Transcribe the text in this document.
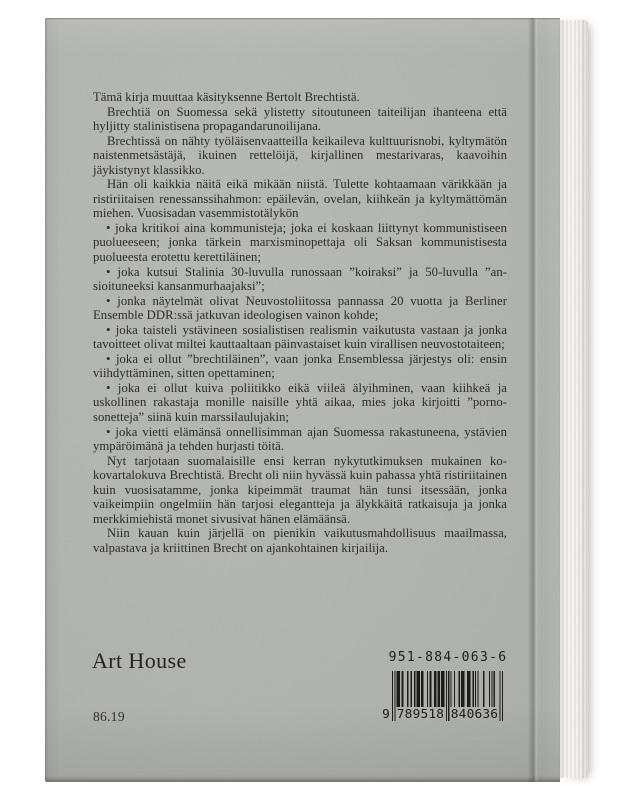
Tämä kirja muuttaa käsityksenne Bertolt Brechtistä.

Brechtiä on Suomessa sekä ylistetty sitoutuneen taiteilijan ihanteena että hyljitty stalinistisena propagandarunoilijana.

Brechtissä on nähty työläisenvaatteilla keikaileva kulttuurisnobi, kyltymätön naistenmetsästäjä, ikuinen rettelöijä, kirjallinen mestarivaras, kaavoihin jäykistynyt klassikko.

Hän oli kaikkia näitä eikä mikään niistä. Tulette kohtaamaan värikkään ja ristiriitaisen renessanssihahmon: epäilevän, ovelan, kiihkeän ja kyltymättömän miehen. Vuosisadan vasemmistotälykön

• joka kritikoi aina kommunisteja; joka ei koskaan liittynyt kommunistiseen puolueeseen; jonka tärkein marxisminopettaja oli Saksan kommunistisesta puolueesta erotettu kerettiläinen;

• joka kutsui Stalinia 30-luvulla runossaan ”koiraksi” ja 50-luvulla ”ansioituneeksi kansanmurhaajaksi”;

• jonka näytelmät olivat Neuvostoliitossa pannassa 20 vuotta ja Berliner Ensemble DDR:ssä jatkuvan ideologisen vainon kohde;

• joka taisteli ystävineen sosialistisen realismin vaikutusta vastaan ja jonka tavoitteet olivat miltei kauttaaltaan päinvastaiset kuin virallisen neuvostotaiteen;

• joka ei ollut ”brechtiläinen”, vaan jonka Ensemblessa järjestys oli: ensin viihdyttäminen, sitten opettaminen;

• joka ei ollut kuiva poliitikko eikä viileä älyihminen, vaan kiihkeä ja uskollinen rakastaja monille naisille yhtä aikaa, mies joka kirjoitti ”pornosonetteja” siinä kuin marssilaulujakin;

• joka vietti elämänsä onnellisimman ajan Suomessa rakastuneena, ystävien ympäröimänä ja tehden hurjasti töitä.

Nyt tarjotaan suomalaisille ensi kerran nykytutkimuksen mukainen kokovartalokuva Brechtistä. Brecht oli niin hyvässä kuin pahassa yhtä ristiriitainen kuin vuosisatamme, jonka kipeimmät traumat hän tunsi itsessään, jonka vaikeimpiin ongelmiin hän tarjosi elegantteja ja älykkäitä ratkaisuja ja jonka merkkimiehistä monet sivusivat hänen elämäänsä.

Niin kauan kuin järjellä on pienikin vaikutusmahdollisuus maailmassa, valpastava ja kriittinen Brecht on ajankohtainen kirjailija.

Art House
86.19
951-884-063-6
9 789518 840636
